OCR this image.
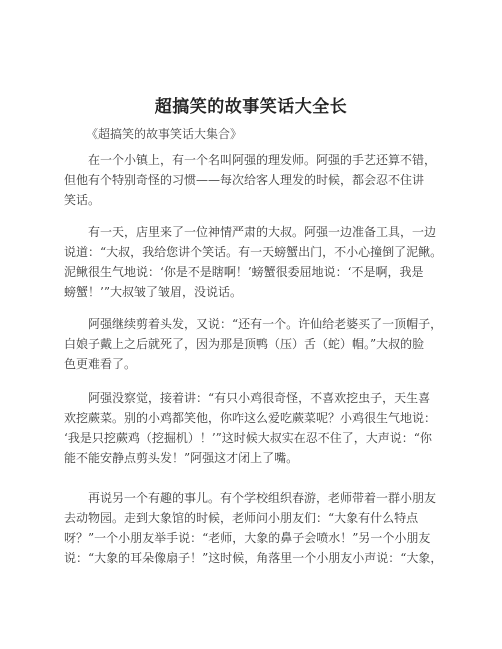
超搞笑的故事笑话大全长
《超搞笑的故事笑话大集合》
在一个小镇上，有一个名叫阿强的理发师。阿强的手艺还算不错，
但他有个特别奇怪的习惯——每次给客人理发的时候，都会忍不住讲
笑话。
有一天，店里来了一位神情严肃的大叔。阿强一边准备工具，一边
说道：“大叔，我给您讲个笑话。有一天螃蟹出门，不小心撞倒了泥鳅。
泥鳅很生气地说：‘你是不是瞎啊！’螃蟹很委屈地说：‘不是啊，我是
螃蟹！’”大叔皱了皱眉，没说话。
阿强继续剪着头发，又说：“还有一个。许仙给老婆买了一顶帽子，
白娘子戴上之后就死了，因为那是顶鸭（压）舌（蛇）帽。”大叔的脸
色更难看了。
阿强没察觉，接着讲：“有只小鸡很奇怪，不喜欢挖虫子，天生喜
欢挖蕨菜。别的小鸡都笑他，你咋这么爱吃蕨菜呢？小鸡很生气地说：
‘我是只挖蕨鸡（挖掘机）！’”这时候大叔实在忍不住了，大声说：“你
能不能安静点剪头发！”阿强这才闭上了嘴。
再说另一个有趣的事儿。有个学校组织春游，老师带着一群小朋友
去动物园。走到大象馆的时候，老师问小朋友们：“大象有什么特点
呀？”一个小朋友举手说：“老师，大象的鼻子会喷水！”另一个小朋友
说：“大象的耳朵像扇子！”这时候，角落里一个小朋友小声说：“大象，
